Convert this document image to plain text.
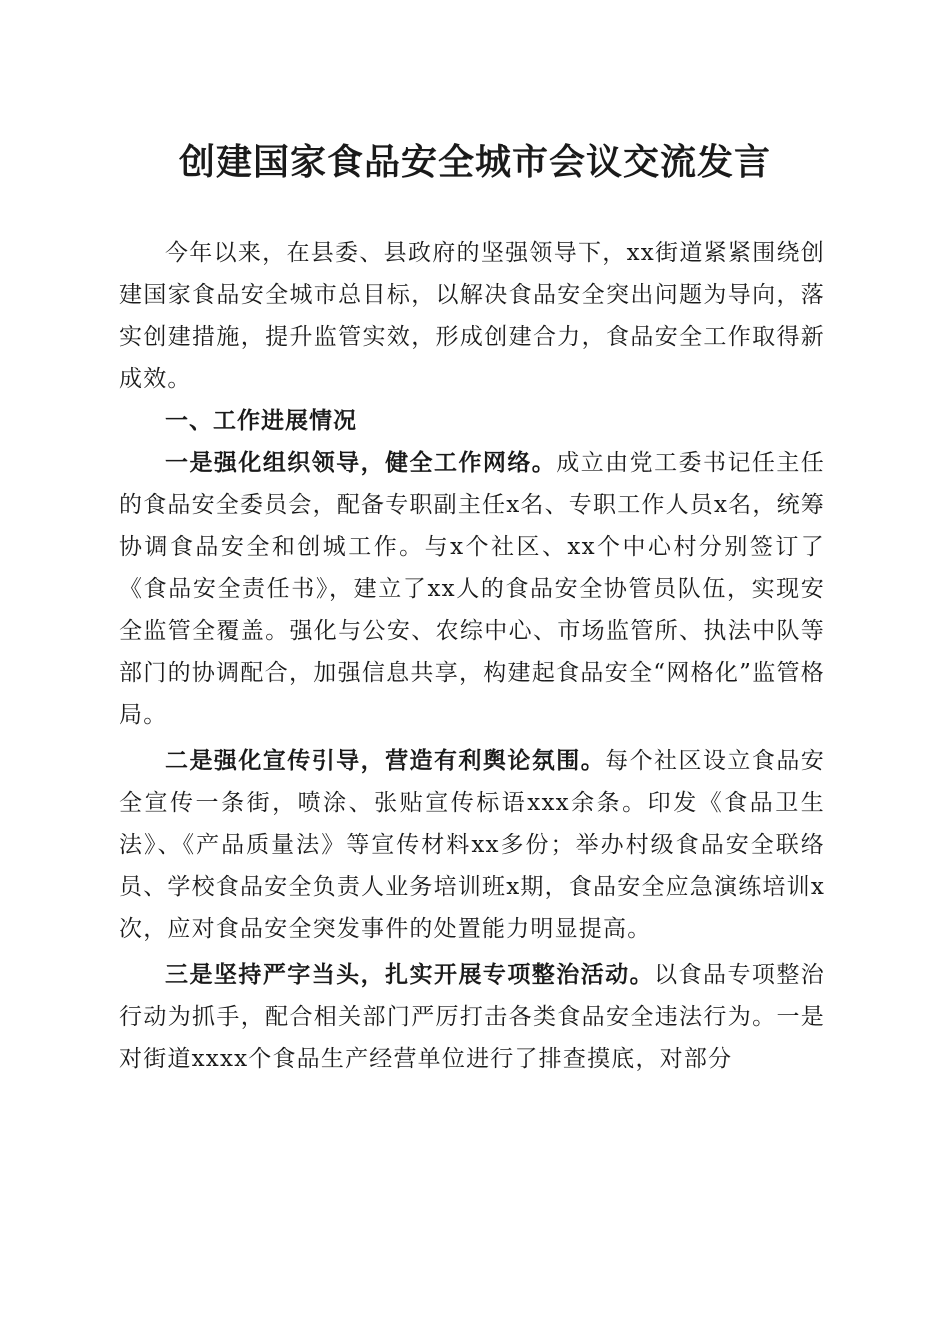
创建国家食品安全城市会议交流发言

今年以来，在县委、县政府的坚强领导下，xx街道紧紧围绕创建国家食品安全城市总目标，以解决食品安全突出问题为导向，落实创建措施，提升监管实效，形成创建合力，食品安全工作取得新成效。

一、工作进展情况

一是强化组织领导，健全工作网络。成立由党工委书记任主任的食品安全委员会，配备专职副主任x名、专职工作人员x名，统筹协调食品安全和创城工作。与x个社区、xx个中心村分别签订了《食品安全责任书》，建立了xx人的食品安全协管员队伍，实现安全监管全覆盖。强化与公安、农综中心、市场监管所、执法中队等部门的协调配合，加强信息共享，构建起食品安全“网格化”监管格局。

二是强化宣传引导，营造有利舆论氛围。每个社区设立食品安全宣传一条街，喷涂、张贴宣传标语xxx余条。印发《食品卫生法》、《产品质量法》等宣传材料xx多份；举办村级食品安全联络员、学校食品安全负责人业务培训班x期，食品安全应急演练培训x次，应对食品安全突发事件的处置能力明显提高。

三是坚持严字当头，扎实开展专项整治活动。以食品专项整治行动为抓手，配合相关部门严厉打击各类食品安全违法行为。一是对街道xxxx个食品生产经营单位进行了排查摸底，对部分
